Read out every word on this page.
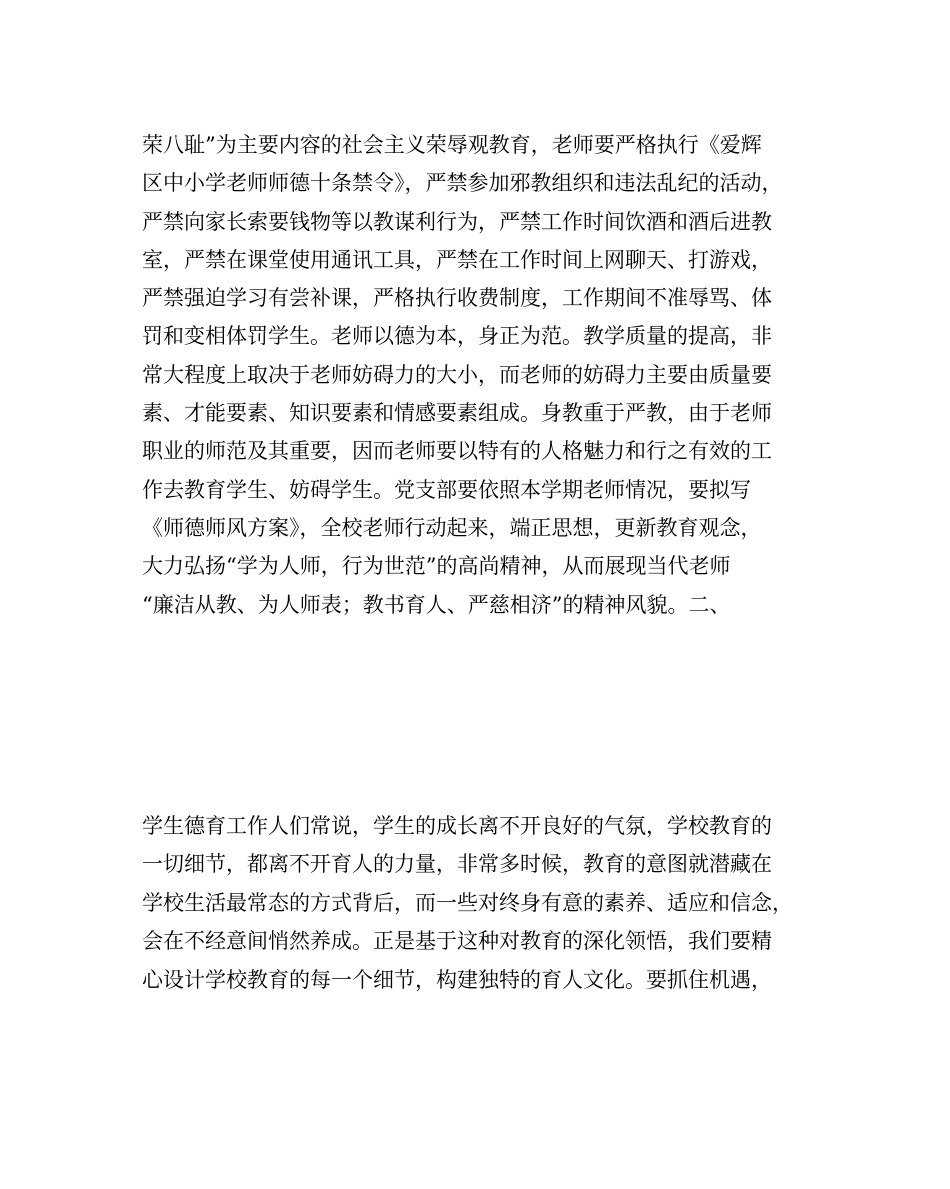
荣八耻”为主要内容的社会主义荣辱观教育，老师要严格执行《爱辉
区中小学老师师德十条禁令》，严禁参加邪教组织和违法乱纪的活动，
严禁向家长索要钱物等以教谋利行为，严禁工作时间饮酒和酒后进教
室，严禁在课堂使用通讯工具，严禁在工作时间上网聊天、打游戏，
严禁强迫学习有尝补课，严格执行收费制度，工作期间不准辱骂、体
罚和变相体罚学生。老师以德为本，身正为范。教学质量的提高，非
常大程度上取决于老师妨碍力的大小，而老师的妨碍力主要由质量要
素、才能要素、知识要素和情感要素组成。身教重于严教，由于老师
职业的师范及其重要，因而老师要以特有的人格魅力和行之有效的工
作去教育学生、妨碍学生。党支部要依照本学期老师情况，要拟写
《师德师风方案》，全校老师行动起来，端正思想，更新教育观念，
大力弘扬“学为人师，行为世范”的高尚精神，从而展现当代老师
“廉洁从教、为人师表；教书育人、严慈相济”的精神风貌。二、
学生德育工作人们常说，学生的成长离不开良好的气氛，学校教育的
一切细节，都离不开育人的力量，非常多时候，教育的意图就潜藏在
学校生活最常态的方式背后，而一些对终身有意的素养、适应和信念，
会在不经意间悄然养成。正是基于这种对教育的深化领悟，我们要精
心设计学校教育的每一个细节，构建独特的育人文化。要抓住机遇，
